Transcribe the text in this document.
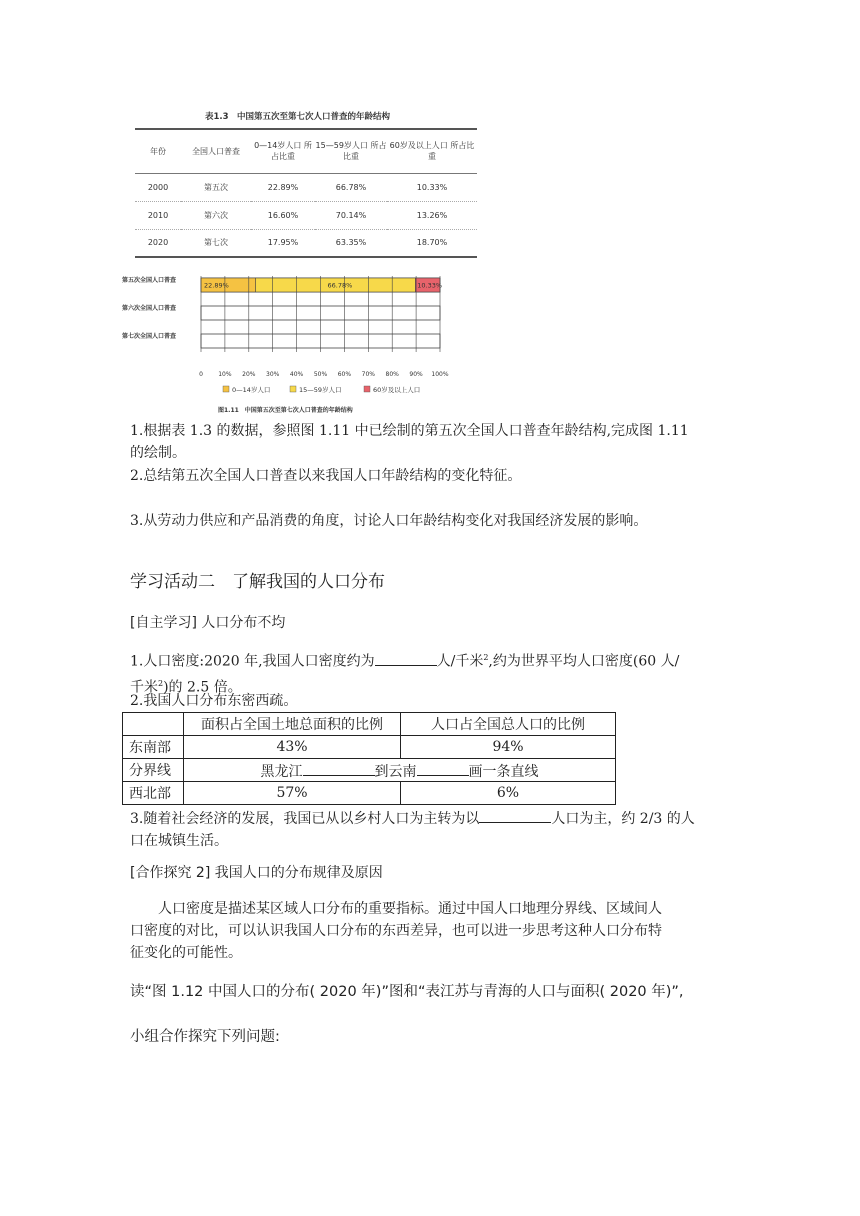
表1.3　中国第五次至第七次人口普查的年龄结构
年份	全国人口普查	0—14岁人口 所占比重	15—59岁人口 所占比重	60岁及以上人口 所占比重
2000	第五次	22.89%	66.78%	10.33%
2010	第六次	16.60%	70.14%	13.26%
2020	第七次	17.95%	63.35%	18.70%
第五次全国人口普查
第六次全国人口普查
第七次全国人口普查
22.89%	66.78%	10.33%
0	10% 20% 30% 40% 50% 60% 70% 80% 90% 100%
0—14岁人口	15—59岁人口	60岁及以上人口
图1.11　中国第五次至第七次人口普查的年龄结构
1.根据表 1.3 的数据，参照图 1.11 中已绘制的第五次全国人口普查年龄结构,完成图 1.11
的绘制。
2.总结第五次全国人口普查以来我国人口年龄结构的变化特征。
3.从劳动力供应和产品消费的角度，讨论人口年龄结构变化对我国经济发展的影响。
学习活动二　了解我国的人口分布
[自主学习] 人口分布不均
1.人口密度:2020 年,我国人口密度约为	人/千米$^2$,约为世界平均人口密度(60 人/
千米$^2$)的 2.5 倍。
2.我国人口分布东密西疏。
	面积占全国土地总面积的比例	人口占全国总人口的比例
东南部	43%	94%
分界线	黑龙江 到云南 画一条直线	
西北部	57%	6%
3.随着社会经济的发展，我国已从以乡村人口为主转为以	人口为主，约 2/3 的人
口在城镇生活。
[合作探究 2] 我国人口的分布规律及原因
人口密度是描述某区域人口分布的重要指标。通过中国人口地理分界线、区域间人
口密度的对比，可以认识我国人口分布的东西差异，也可以进一步思考这种人口分布特
征变化的可能性。
读“图 1.12 中国人口的分布( 2020 年)”图和“表江苏与青海的人口与面积( 2020 年)”,
小组合作探究下列问题:
